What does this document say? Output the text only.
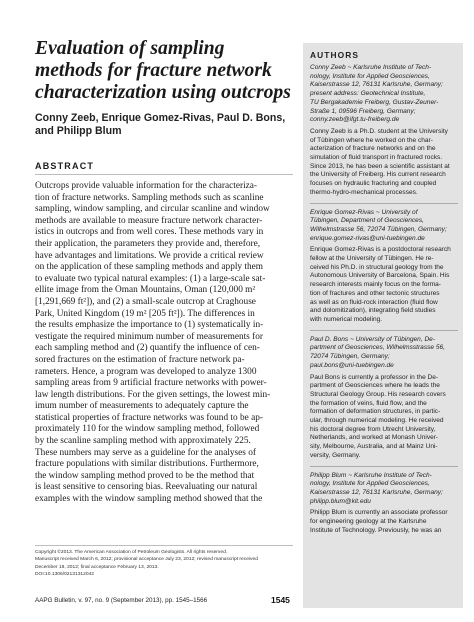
Evaluation of sampling
methods for fracture network
characterization using outcrops
Conny Zeeb, Enrique Gomez-Rivas, Paul D. Bons,
and Philipp Blum
ABSTRACT
Outcrops provide valuable information for the characteriza-
tion of fracture networks. Sampling methods such as scanline
sampling, window sampling, and circular scanline and window
methods are available to measure fracture network character-
istics in outcrops and from well cores. These methods vary in
their application, the parameters they provide and, therefore,
have advantages and limitations. We provide a critical review
on the application of these sampling methods and apply them
to evaluate two typical natural examples: (1) a large-scale sat-
ellite image from the Oman Mountains, Oman (120,000 m²
[1,291,669 ft²]), and (2) a small-scale outcrop at Craghouse
Park, United Kingdom (19 m² [205 ft²]). The differences in
the results emphasize the importance to (1) systematically in-
vestigate the required minimum number of measurements for
each sampling method and (2) quantify the influence of cen-
sored fractures on the estimation of fracture network pa-
rameters. Hence, a program was developed to analyze 1300
sampling areas from 9 artificial fracture networks with power-
law length distributions. For the given settings, the lowest min-
imum number of measurements to adequately capture the
statistical properties of fracture networks was found to be ap-
proximately 110 for the window sampling method, followed
by the scanline sampling method with approximately 225.
These numbers may serve as a guideline for the analyses of
fracture populations with similar distributions. Furthermore,
the window sampling method proved to be the method that
is least sensitive to censoring bias. Reevaluating our natural
examples with the window sampling method showed that the
Copyright ©2013. The American Association of Petroleum Geologists. All rights reserved.
Manuscript received March 6, 2012; provisional acceptance July 23, 2012; revised manuscript received
December 18, 2012; final acceptance February 13, 2013.
DOI:10.1306/02131312042
AAPG Bulletin, v. 97, no. 9 (September 2013), pp. 1545–1566	1545
AUTHORS
Conny Zeeb ~ Karlsruhe Institute of Tech-
nology, Institute for Applied Geosciences,
Kaiserstrasse 12, 76131 Karlsruhe, Germany;
present address: Geotechnical Institute,
TU Bergakademie Freiberg, Gustav-Zeuner-
Straße 1, 09596 Freiberg, Germany;
conny.zeeb@ifgt.tu-freiberg.de
Conny Zeeb is a Ph.D. student at the University
of Tübingen where he worked on the char-
acterization of fracture networks and on the
simulation of fluid transport in fractured rocks.
Since 2013, he has been a scientific assistant at
the University of Freiberg. His current research
focuses on hydraulic fracturing and coupled
thermo-hydro-mechanical processes.
Enrique Gomez-Rivas ~ University of
Tübingen, Department of Geosciences,
Wilhelmstrasse 56, 72074 Tübingen, Germany;
enrique.gomez-rivas@uni-tuebingen.de
Enrique Gomez-Rivas is a postdoctoral research
fellow at the University of Tübingen. He re-
ceived his Ph.D. in structural geology from the
Autonomous University of Barcelona, Spain. His
research interests mainly focus on the forma-
tion of fractures and other tectonic structures
as well as on fluid-rock interaction (fluid flow
and dolomitization), integrating field studies
with numerical modeling.
Paul D. Bons ~ University of Tübingen, De-
partment of Geosciences, Wilhelmsstrasse 56,
72074 Tübingen, Germany;
paul.bons@uni-tuebingen.de
Paul Bons is currently a professor in the De-
partment of Geosciences where he leads the
Structural Geology Group. His research covers
the formation of veins, fluid flow, and the
formation of deformation structures, in partic-
ular, through numerical modeling. He received
his doctoral degree from Utrecht University,
Netherlands, and worked at Monash Univer-
sity, Melbourne, Australia, and at Mainz Uni-
versity, Germany.
Philipp Blum ~ Karlsruhe Institute of Tech-
nology, Institute for Applied Geosciences,
Kaiserstrasse 12, 76131 Karlsruhe, Germany;
philipp.blum@kit.edu
Philipp Blum is currently an associate professor
for engineering geology at the Karlsruhe
Institute of Technology. Previously, he was an
